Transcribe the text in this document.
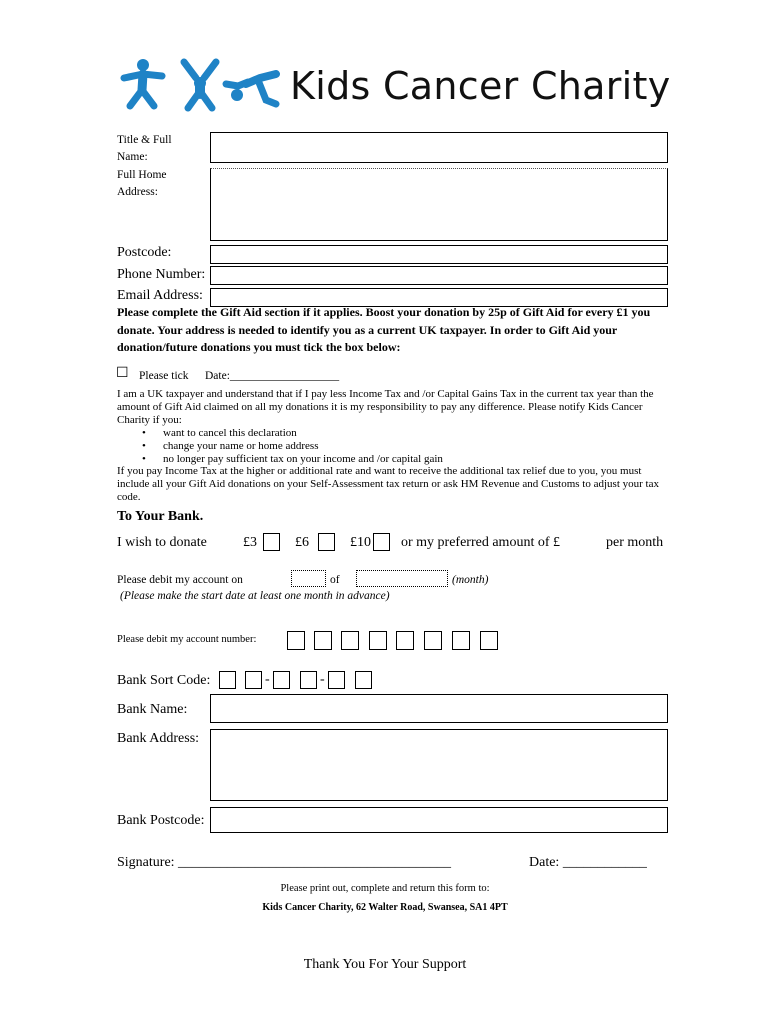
Kids Cancer Charity
Title & Full
Name:
Full Home
Address:
Postcode:
Phone Number:
Email Address:
Please complete the Gift Aid section if it applies. Boost your donation by 25p of Gift Aid for every £1 you donate. Your address is needed to identify you as a current UK taxpayer. In order to Gift Aid your donation/future donations you must tick the box below:
☐ Please tick Date:___________________
I am a UK taxpayer and understand that if I pay less Income Tax and /or Capital Gains Tax in the current tax year than the amount of Gift Aid claimed on all my donations it is my responsibility to pay any difference. Please notify Kids Cancer Charity if you:
• want to cancel this declaration
• change your name or home address
• no longer pay sufficient tax on your income and /or capital gain
If you pay Income Tax at the higher or additional rate and want to receive the additional tax relief due to you, you must include all your Gift Aid donations on your Self-Assessment tax return or ask HM Revenue and Customs to adjust your tax code.
To Your Bank.
I wish to donate	£3	£6	£10 or my preferred amount of £	per month
Please debit my account on	of	(month)
(Please make the start date at least one month in advance)
Please debit my account number:
Bank Sort Code:	-	-
Bank Name:
Bank Address:
Bank Postcode:
Signature: _______________________________________	Date: ____________
Please print out, complete and return this form to:
Kids Cancer Charity, 62 Walter Road, Swansea, SA1 4PT
Thank You For Your Support
